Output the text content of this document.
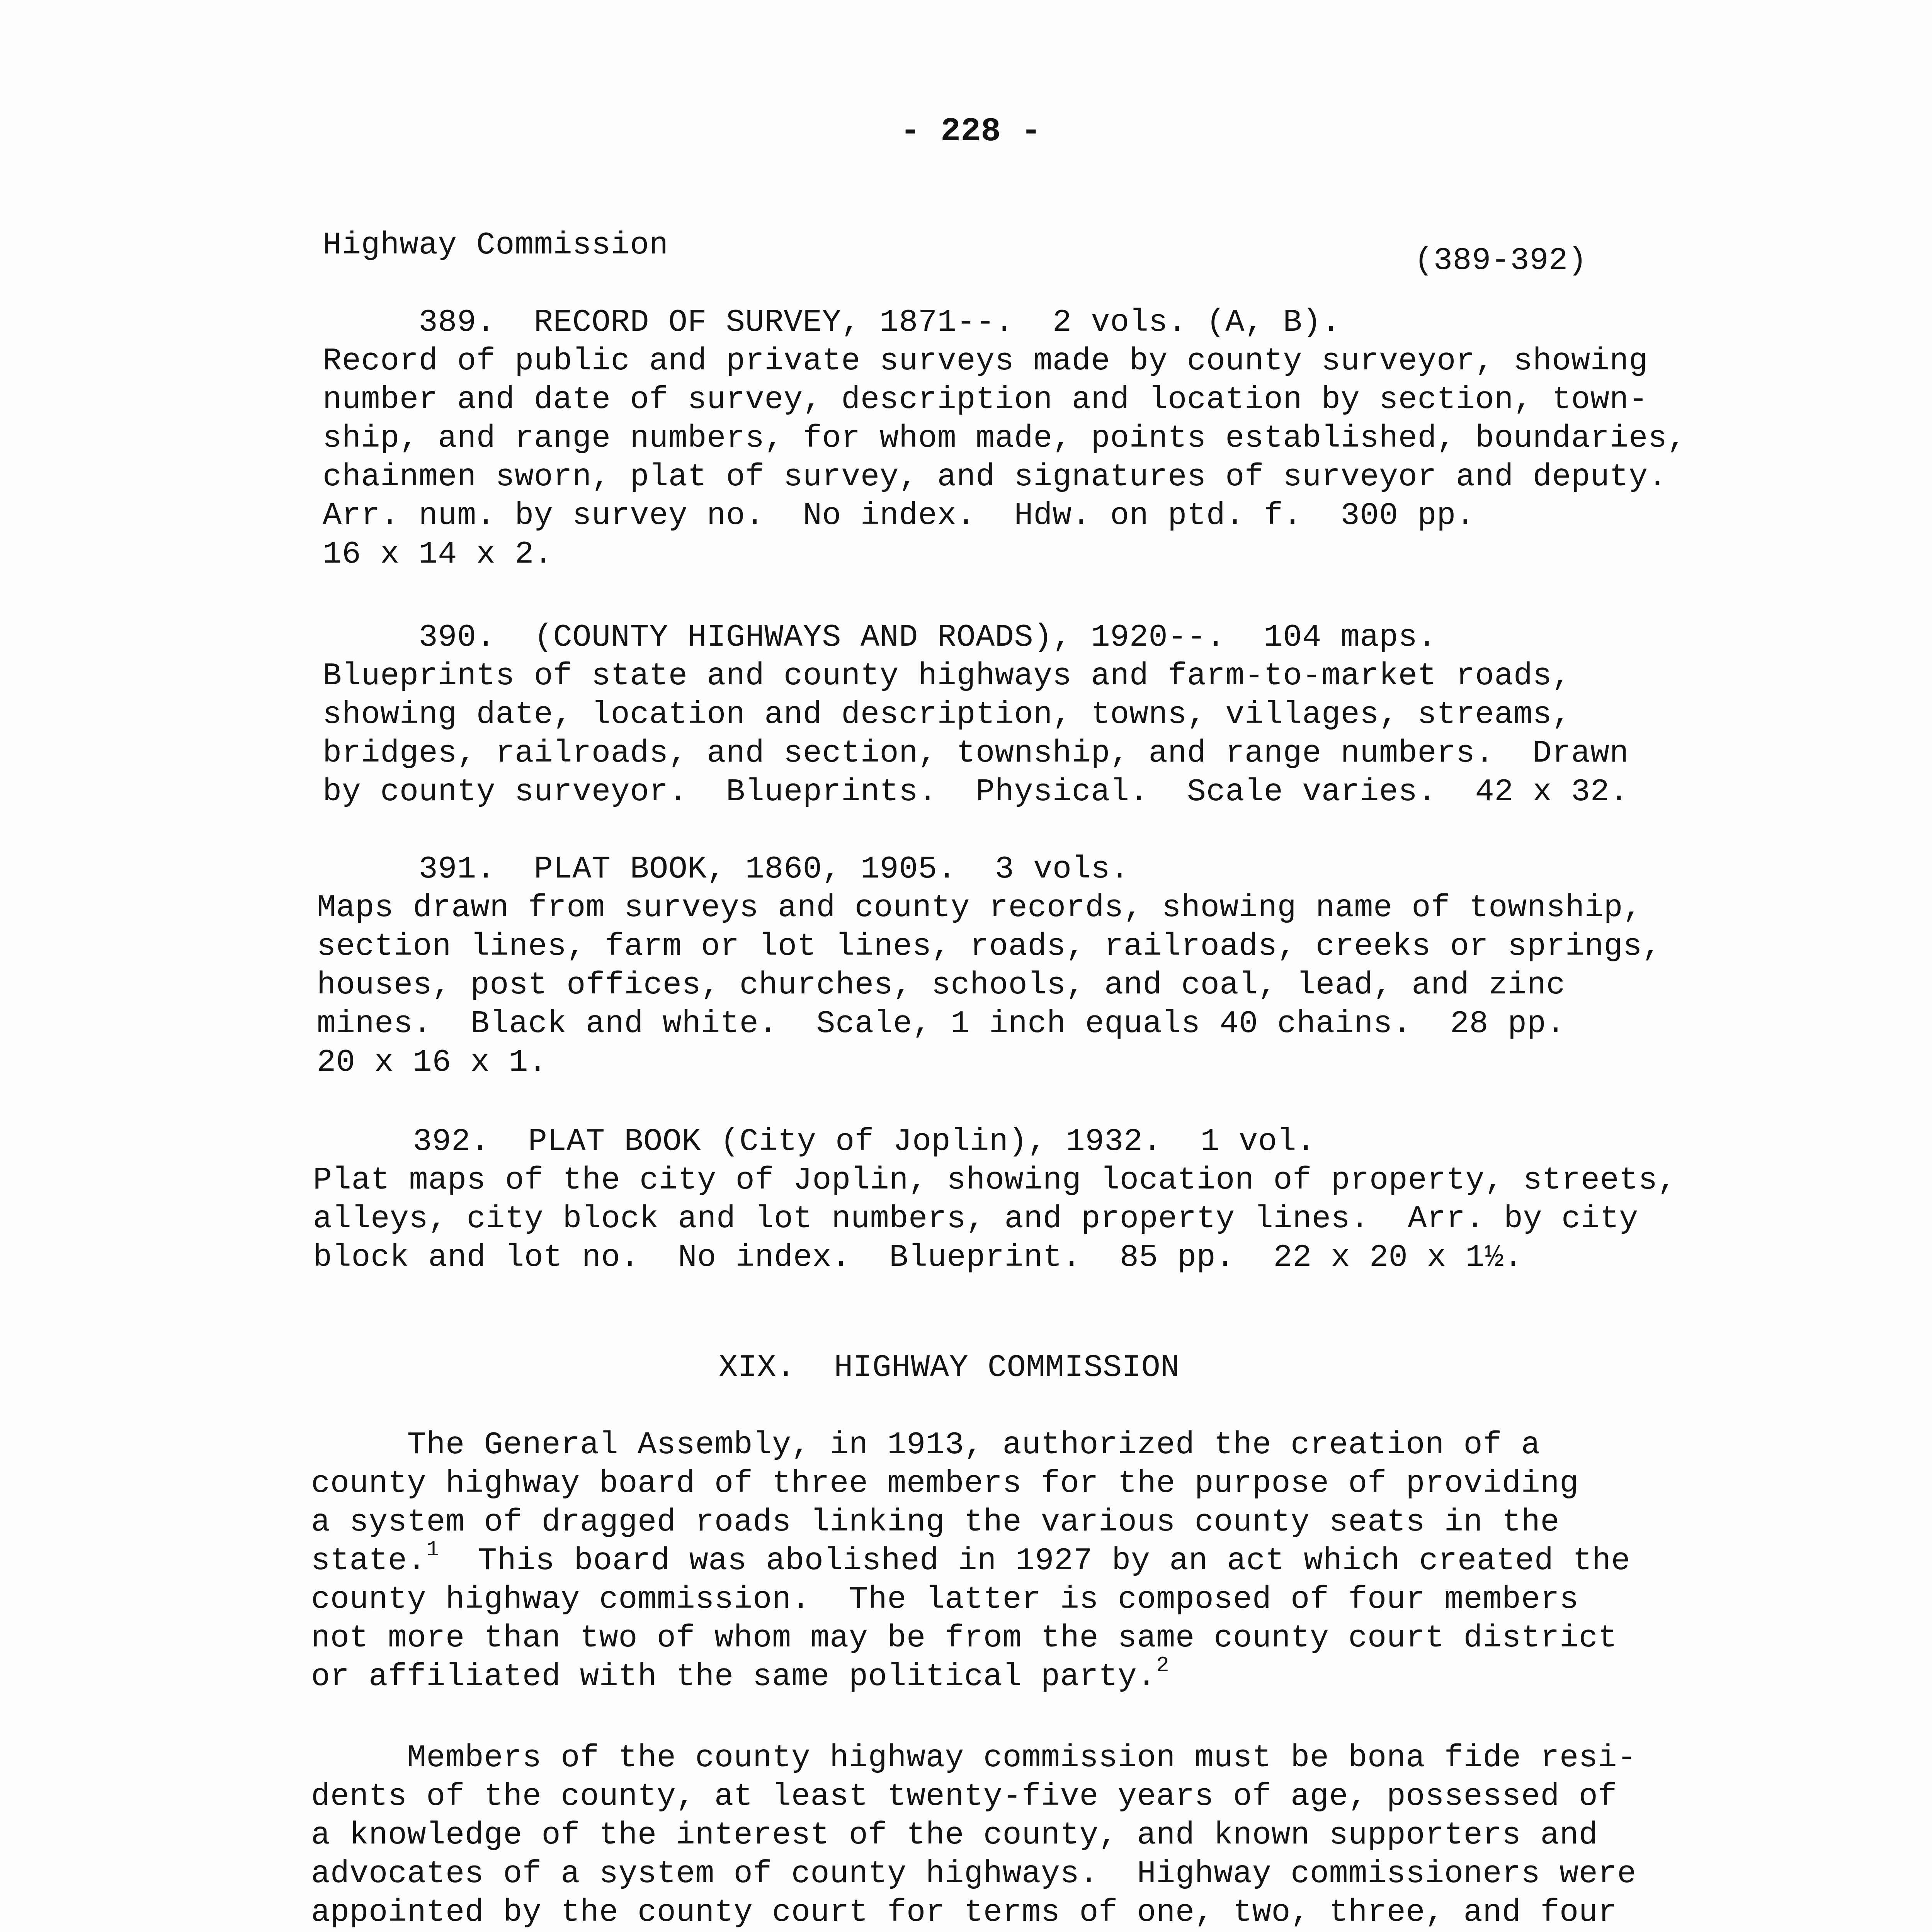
- 228 -
Highway Commission	(389-392)
389.  RECORD OF SURVEY, 1871--.  2 vols. (A, B).
Record of public and private surveys made by county surveyor, showing
number and date of survey, description and location by section, town-
ship, and range numbers, for whom made, points established, boundaries,
chainmen sworn, plat of survey, and signatures of surveyor and deputy.
Arr. num. by survey no.  No index.  Hdw. on ptd. f.  300 pp.
16 x 14 x 2.
390.  (COUNTY HIGHWAYS AND ROADS), 1920--.  104 maps.
Blueprints of state and county highways and farm-to-market roads,
showing date, location and description, towns, villages, streams,
bridges, railroads, and section, township, and range numbers.  Drawn
by county surveyor.  Blueprints.  Physical.  Scale varies.  42 x 32.
391.  PLAT BOOK, 1860, 1905.  3 vols.
Maps drawn from surveys and county records, showing name of township,
section lines, farm or lot lines, roads, railroads, creeks or springs,
houses, post offices, churches, schools, and coal, lead, and zinc
mines.  Black and white.  Scale, 1 inch equals 40 chains.  28 pp.
20 x 16 x 1.
392.  PLAT BOOK (City of Joplin), 1932.  1 vol.
Plat maps of the city of Joplin, showing location of property, streets,
alleys, city block and lot numbers, and property lines.  Arr. by city
block and lot no.  No index.  Blueprint.  85 pp.  22 x 20 x 1½.
XIX.  HIGHWAY COMMISSION
The General Assembly, in 1913, authorized the creation of a
county highway board of three members for the purpose of providing
a system of dragged roads linking the various county seats in the
state.$^1$  This board was abolished in 1927 by an act which created the
county highway commission.  The latter is composed of four members
not more than two of whom may be from the same county court district
or affiliated with the same political party.$^2$
Members of the county highway commission must be bona fide resi-
dents of the county, at least twenty-five years of age, possessed of
a knowledge of the interest of the county, and known supporters and
advocates of a system of county highways.  Highway commissioners were
appointed by the county court for terms of one, two, three, and four
